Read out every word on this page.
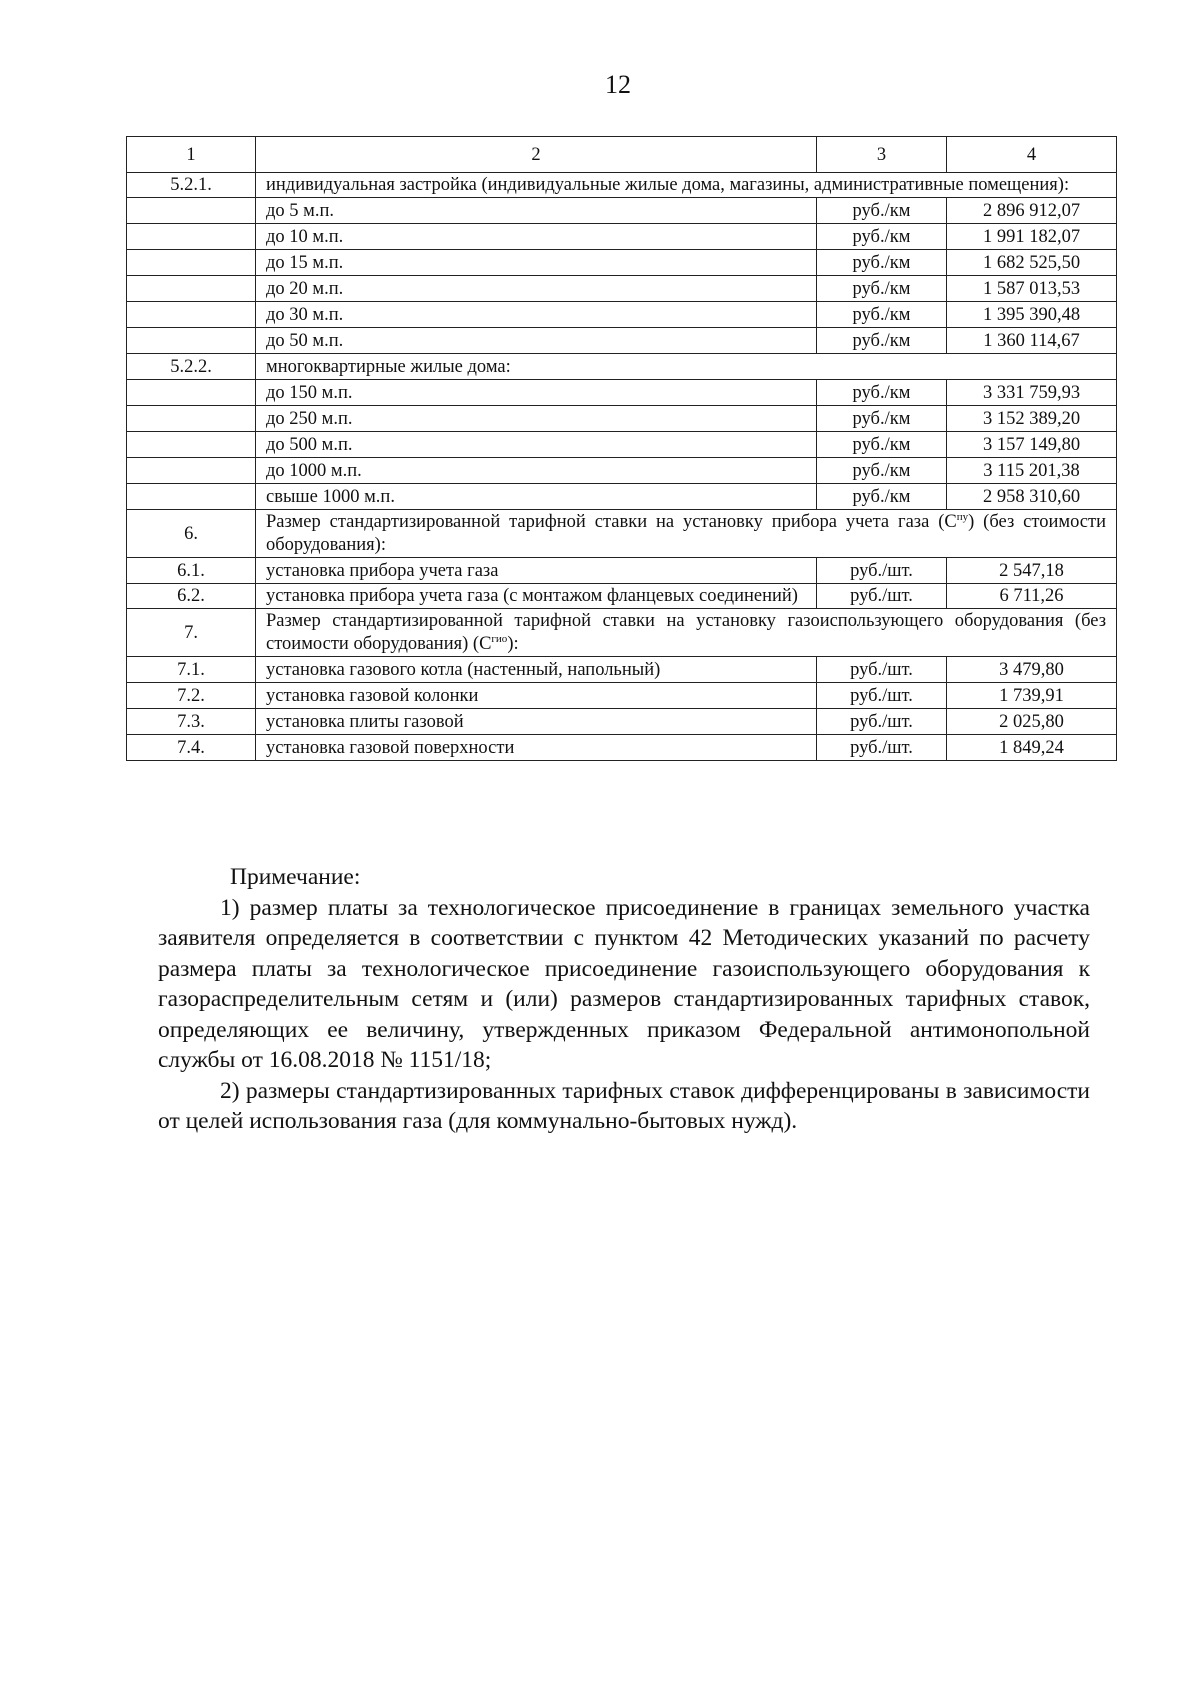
12
1	2	3	4
5.2.1.	индивидуальная застройка (индивидуальные жилые дома, магазины, административные помещения):		
	до 5 м.п.	руб./км	2 896 912,07
	до 10 м.п.	руб./км	1 991 182,07
	до 15 м.п.	руб./км	1 682 525,50
	до 20 м.п.	руб./км	1 587 013,53
	до 30 м.п.	руб./км	1 395 390,48
	до 50 м.п.	руб./км	1 360 114,67
5.2.2.	многоквартирные жилые дома:		
	до 150 м.п.	руб./км	3 331 759,93
	до 250 м.п.	руб./км	3 152 389,20
	до 500 м.п.	руб./км	3 157 149,80
	до 1000 м.п.	руб./км	3 115 201,38
	свыше 1000 м.п.	руб./км	2 958 310,60
6.	Размер стандартизированной тарифной ставки на установку прибора учета газа $(С^{пу})$ (без стоимости оборудования):		
6.1.	установка прибора учета газа	руб./шт.	2 547,18
6.2.	установка прибора учета газа (с монтажом фланцевых соединений)	руб./шт.	6 711,26
7.	Размер стандартизированной тарифной ставки на установку газоиспользующего оборудования (без стоимости оборудования) $(С^{гио})$:		
7.1.	установка газового котла (настенный, напольный)	руб./шт.	3 479,80
7.2.	установка газовой колонки	руб./шт.	1 739,91
7.3.	установка плиты газовой	руб./шт.	2 025,80
7.4.	установка газовой поверхности	руб./шт.	1 849,24

Примечание:

1) размер платы за технологическое присоединение в границах земельного участка заявителя определяется в соответствии с пунктом 42 Методических указаний по расчету размера платы за технологическое присоединение газоиспользующего оборудования к газораспределительным сетям и (или) размеров стандартизированных тарифных ставок, определяющих ее величину, утвержденных приказом Федеральной антимонопольной службы от 16.08.2018 № 1151/18;

2) размеры стандартизированных тарифных ставок дифференцированы в зависимости от целей использования газа (для коммунально-бытовых нужд).
